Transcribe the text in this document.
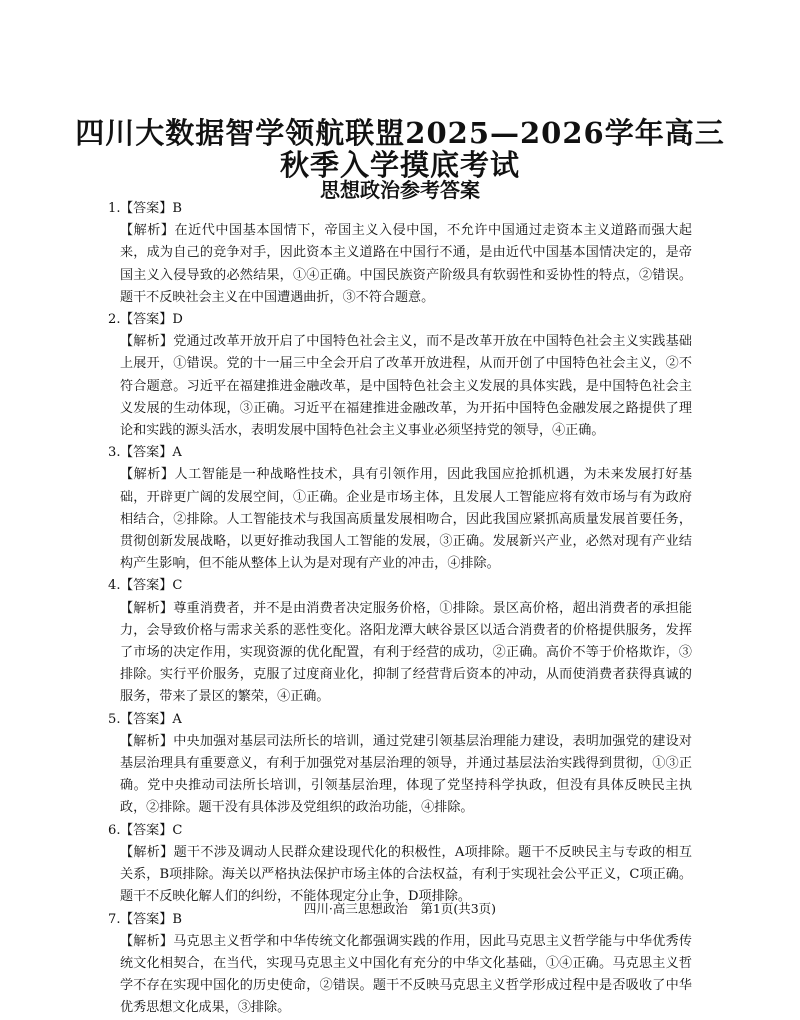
四川大数据智学领航联盟2025—2026学年高三
秋季入学摸底考试
思想政治参考答案
1.【答案】B
【解析】在近代中国基本国情下，帝国主义入侵中国，不允许中国通过走资本主义道路而强大起来，成为自己的竞争对手，因此资本主义道路在中国行不通，是由近代中国基本国情决定的，是帝国主义入侵导致的必然结果，①④正确。中国民族资产阶级具有软弱性和妥协性的特点，②错误。题干不反映社会主义在中国遭遇曲折，③不符合题意。
2.【答案】D
【解析】党通过改革开放开启了中国特色社会主义，而不是改革开放在中国特色社会主义实践基础上展开，①错误。党的十一届三中全会开启了改革开放进程，从而开创了中国特色社会主义，②不符合题意。习近平在福建推进金融改革，是中国特色社会主义发展的具体实践，是中国特色社会主义发展的生动体现，③正确。习近平在福建推进金融改革，为开拓中国特色金融发展之路提供了理论和实践的源头活水，表明发展中国特色社会主义事业必须坚持党的领导，④正确。
3.【答案】A
【解析】人工智能是一种战略性技术，具有引领作用，因此我国应抢抓机遇，为未来发展打好基础，开辟更广阔的发展空间，①正确。企业是市场主体，且发展人工智能应将有效市场与有为政府相结合，②排除。人工智能技术与我国高质量发展相吻合，因此我国应紧抓高质量发展首要任务，贯彻创新发展战略，以更好推动我国人工智能的发展，③正确。发展新兴产业，必然对现有产业结构产生影响，但不能从整体上认为是对现有产业的冲击，④排除。
4.【答案】C
【解析】尊重消费者，并不是由消费者决定服务价格，①排除。景区高价格，超出消费者的承担能力，会导致价格与需求关系的恶性变化。洛阳龙潭大峡谷景区以适合消费者的价格提供服务，发挥了市场的决定作用，实现资源的优化配置，有利于经营的成功，②正确。高价不等于价格欺诈，③排除。实行平价服务，克服了过度商业化，抑制了经营背后资本的冲动，从而使消费者获得真诚的服务，带来了景区的繁荣，④正确。
5.【答案】A
【解析】中央加强对基层司法所长的培训，通过党建引领基层治理能力建设，表明加强党的建设对基层治理具有重要意义，有利于加强党对基层治理的领导，并通过基层法治实践得到贯彻，①③正确。党中央推动司法所长培训，引领基层治理，体现了党坚持科学执政，但没有具体反映民主执政，②排除。题干没有具体涉及党组织的政治功能，④排除。
6.【答案】C
【解析】题干不涉及调动人民群众建设现代化的积极性，A项排除。题干不反映民主与专政的相互关系，B项排除。海关以严格执法保护市场主体的合法权益，有利于实现社会公平正义，C项正确。题干不反映化解人们的纠纷，不能体现定分止争，D项排除。
7.【答案】B
【解析】马克思主义哲学和中华传统文化都强调实践的作用，因此马克思主义哲学能与中华优秀传统文化相契合，在当代，实现马克思主义中国化有充分的中华文化基础，①④正确。马克思主义哲学不存在实现中国化的历史使命，②错误。题干不反映马克思主义哲学形成过程中是否吸收了中华优秀思想文化成果，③排除。
四川·高三思想政治　第1页(共3页)
